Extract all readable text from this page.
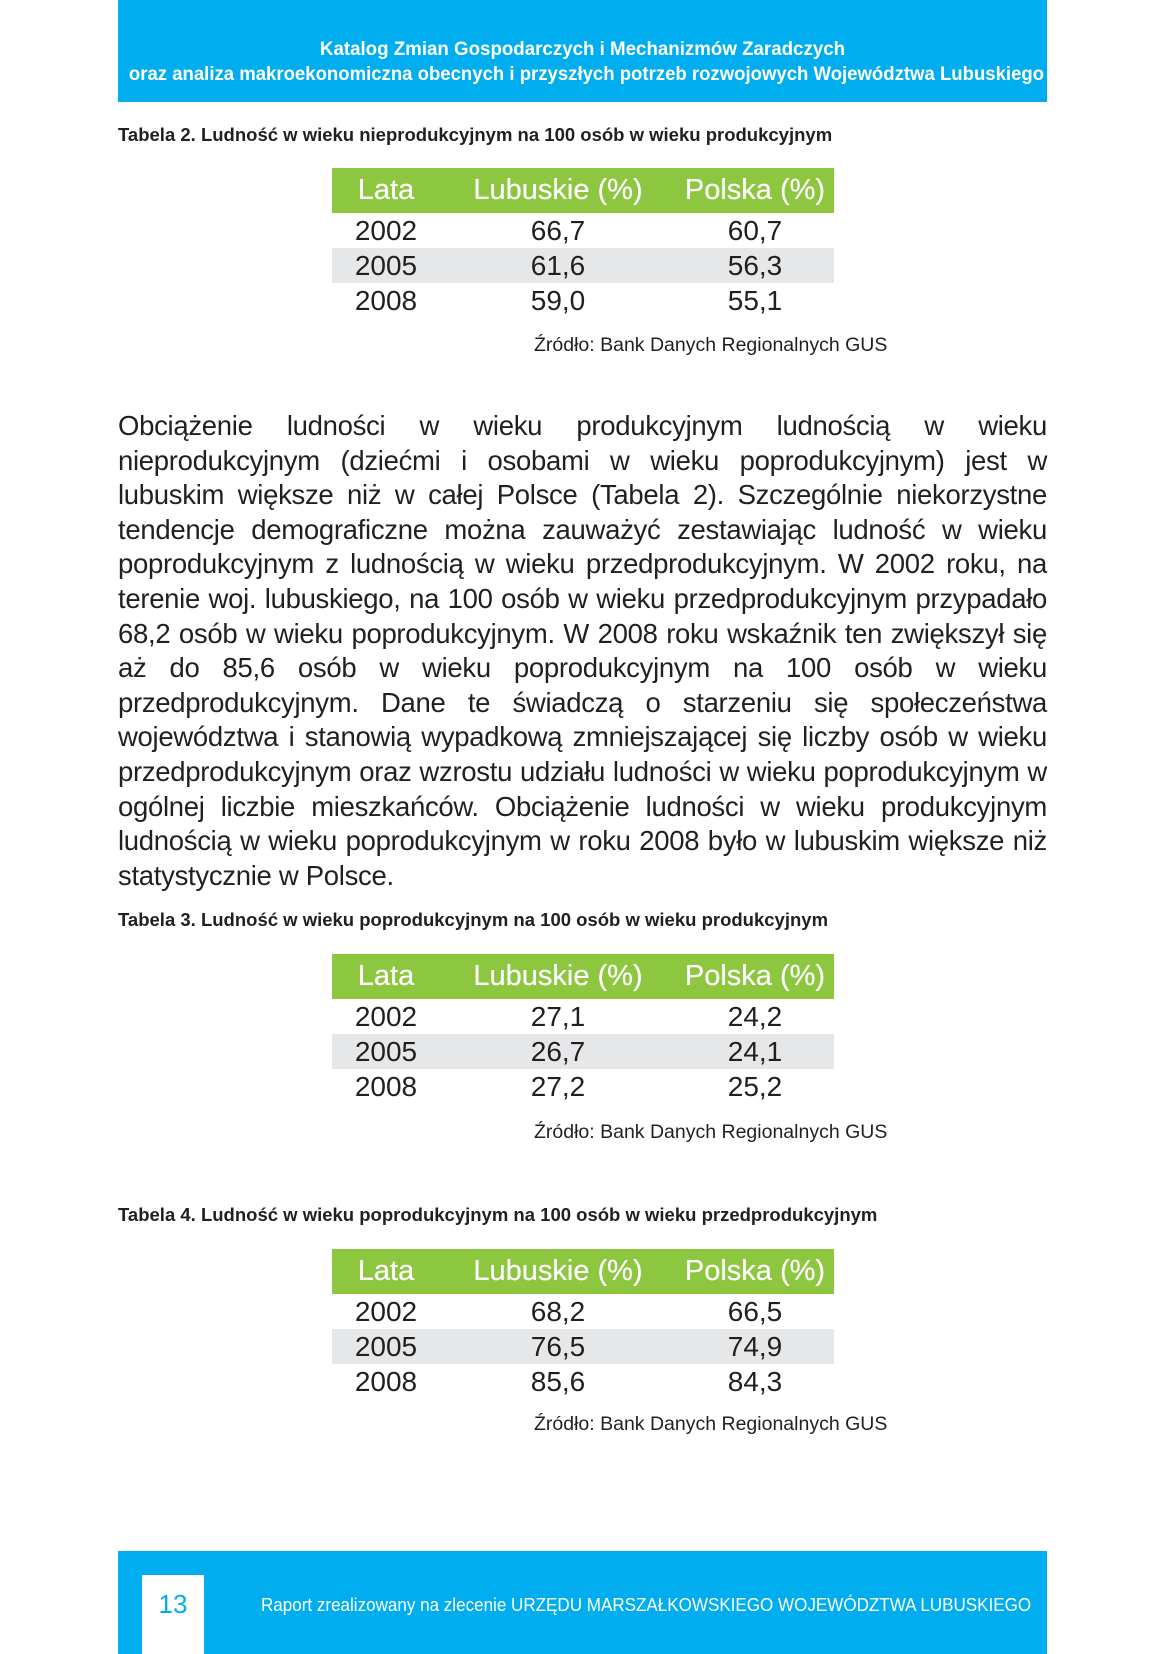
Katalog Zmian Gospodarczych i Mechanizmów Zaradczych
oraz analiza makroekonomiczna obecnych i przyszłych potrzeb rozwojowych Województwa Lubuskiego
Tabela 2. Ludność w wieku nieprodukcyjnym na 100 osób w wieku produkcyjnym
Lata	Lubuskie (%)	Polska (%)
2002	66,7	60,7
2005	61,6	56,3
2008	59,0	55,1
Źródło: Bank Danych Regionalnych GUS
Obciążenie ludności w wieku produkcyjnym ludnością w wieku nieprodukcyjnym (dziećmi i osobami w wieku poprodukcyjnym) jest w lubuskim większe niż w całej Polsce (Tabela 2). Szczególnie niekorzystne tendencje demograficzne można zauważyć zestawiając ludność w wieku poprodukcyjnym z ludnością w wieku przedprodukcyjnym. W 2002 roku, na terenie woj. lubuskiego, na 100 osób w wieku przedprodukcyjnym przypadało 68,2 osób w wieku poprodukcyjnym. W 2008 roku wskaźnik ten zwiększył się aż do 85,6 osób w wieku poprodukcyjnym na 100 osób w wieku przedprodukcyjnym. Dane te świadczą o starzeniu się społeczeństwa województwa i stanowią wypadkową zmniejszającej się liczby osób w wieku przedprodukcyjnym oraz wzrostu udziału ludności w wieku poprodukcyjnym w ogólnej liczbie mieszkańców. Obciążenie ludności w wieku produkcyjnym ludnością w wieku poprodukcyjnym w roku 2008 było w lubuskim większe niż statystycznie w Polsce.
Tabela 3. Ludność w wieku poprodukcyjnym na 100 osób w wieku produkcyjnym
Lata	Lubuskie (%)	Polska (%)
2002	27,1	24,2
2005	26,7	24,1
2008	27,2	25,2
Źródło: Bank Danych Regionalnych GUS
Tabela 4. Ludność w wieku poprodukcyjnym na 100 osób w wieku przedprodukcyjnym
Lata	Lubuskie (%)	Polska (%)
2002	68,2	66,5
2005	76,5	74,9
2008	85,6	84,3
Źródło: Bank Danych Regionalnych GUS
13	Raport zrealizowany na zlecenie URZĘDU MARSZAŁKOWSKIEGO WOJEWÓDZTWA LUBUSKIEGO
